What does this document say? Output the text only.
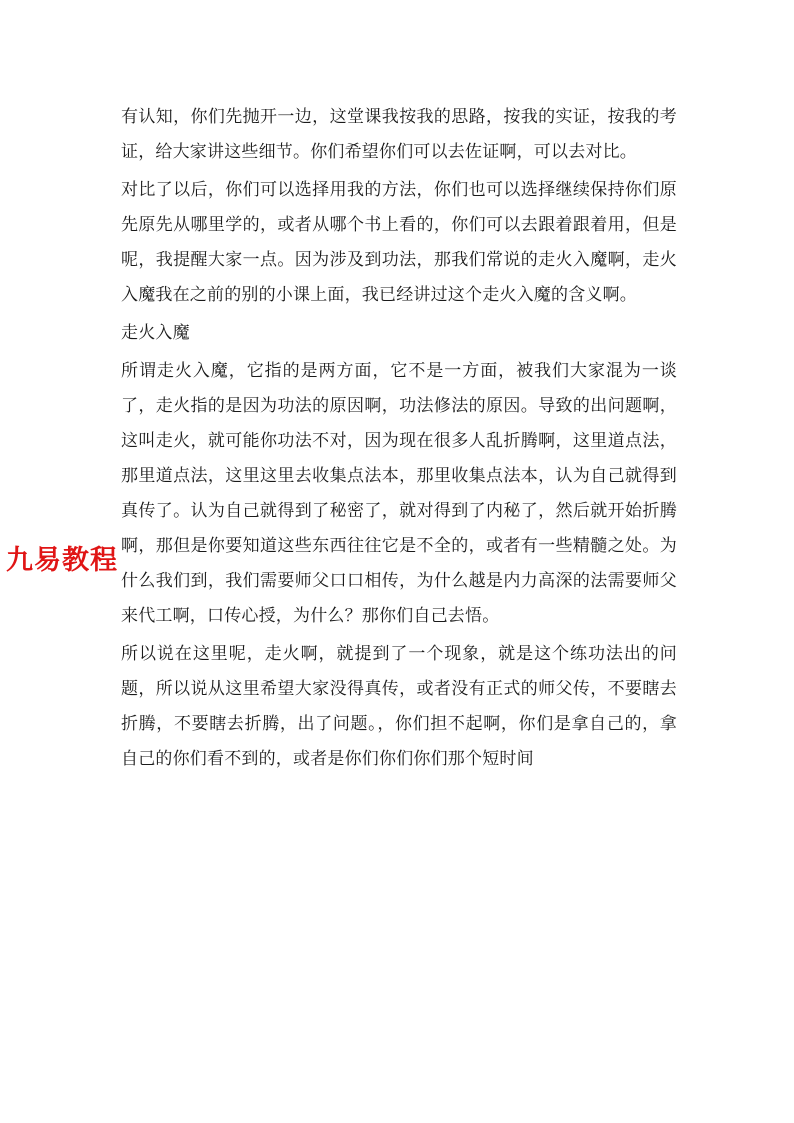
有认知，你们先抛开一边，这堂课我按我的思路，按我的实证，按我的考证，给大家讲这些细节。你们希望你们可以去佐证啊，可以去对比。

对比了以后，你们可以选择用我的方法，你们也可以选择继续保持你们原先原先从哪里学的，或者从哪个书上看的，你们可以去跟着跟着用，但是呢，我提醒大家一点。因为涉及到功法，那我们常说的走火入魔啊，走火入魔我在之前的别的小课上面，我已经讲过这个走火入魔的含义啊。

走火入魔

所谓走火入魔，它指的是两方面，它不是一方面，被我们大家混为一谈了，走火指的是因为功法的原因啊，功法修法的原因。导致的出问题啊，这叫走火，就可能你功法不对，因为现在很多人乱折腾啊，这里道点法，那里道点法，这里这里去收集点法本，那里收集点法本，认为自己就得到真传了。认为自己就得到了秘密了，就对得到了内秘了，然后就开始折腾啊，那但是你要知道这些东西往往它是不全的，或者有一些精髓之处。为什么我们到，我们需要师父口口相传，为什么越是内力高深的法需要师父来代工啊，口传心授，为什么？那你们自己去悟。

所以说在这里呢，走火啊，就提到了一个现象，就是这个练功法出的问题，所以说从这里希望大家没得真传，或者没有正式的师父传，不要瞎去折腾，不要瞎去折腾，出了问题。，你们担不起啊，你们是拿自己的，拿自己的你们看不到的，或者是你们你们你们那个短时间

九易教程
